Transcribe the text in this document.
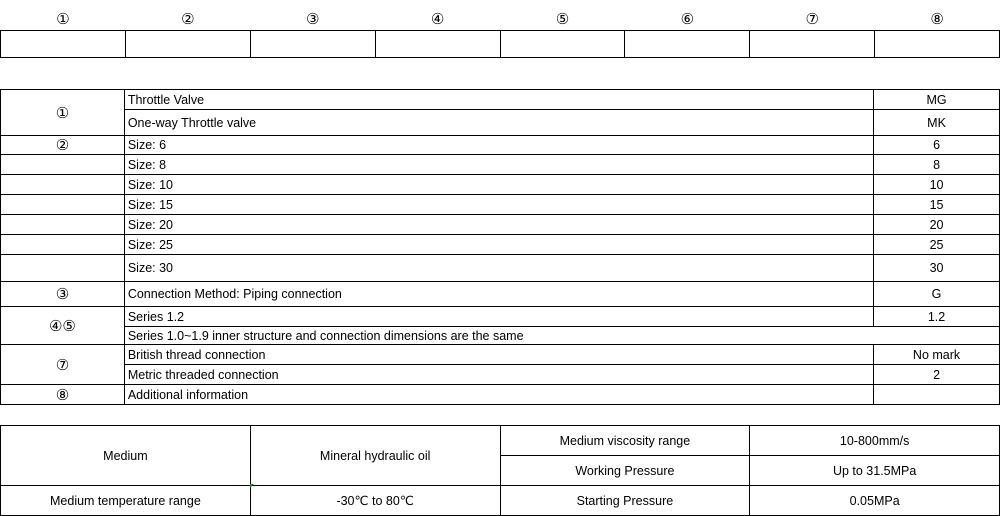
①	②	③	④	⑤	⑥	⑦	⑧

①	Throttle Valve	MG
	One-way Throttle valve	MK
②	Size: 6	6
	Size: 8	8
	Size: 10	10
	Size: 15	15
	Size: 20	20
	Size: 25	25
	Size: 30	30
③	Connection Method: Piping connection	G
④⑤	Series 1.2	1.2
	Series 1.0~1.9 inner structure and connection dimensions are the same	
⑦	British thread connection	No mark
	Metric threaded connection	2
⑧	Additional information	
Medium	Mineral hydraulic oil	Medium viscosity range	10-800mm/s
		Working Pressure	Up to 31.5MPa
Medium temperature range	-30℃ to 80℃	Starting Pressure	0.05MPa
